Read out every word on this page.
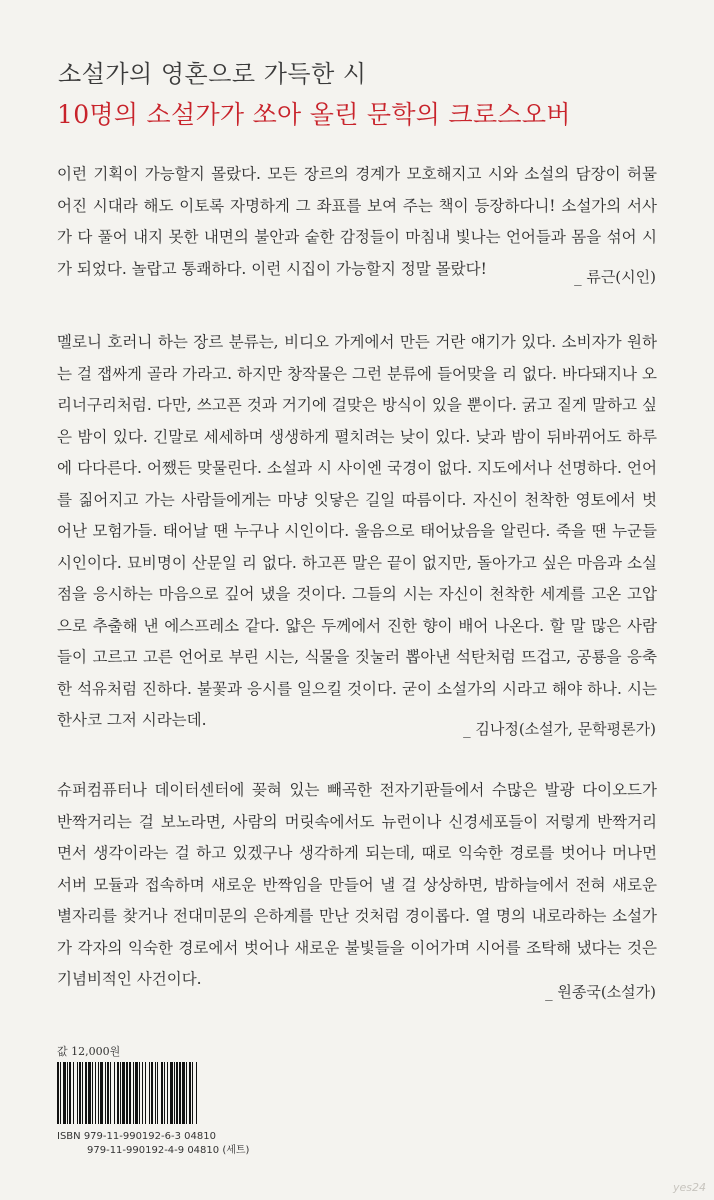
소설가의 영혼으로 가득한 시
10명의 소설가가 쏘아 올린 문학의 크로스오버

이런 기획이 가능할지 몰랐다. 모든 장르의 경계가 모호해지고 시와 소설의 담장이 허물

어진 시대라 해도 이토록 자명하게 그 좌표를 보여 주는 책이 등장하다니! 소설가의 서사

가 다 풀어 내지 못한 내면의 불안과 숱한 감정들이 마침내 빛나는 언어들과 몸을 섞어 시

가 되었다. 놀랍고 통쾌하다. 이런 시집이 가능할지 정말 몰랐다!	_ 류근(시인)

멜로니 호러니 하는 장르 분류는, 비디오 가게에서 만든 거란 얘기가 있다. 소비자가 원하

는 걸 잽싸게 골라 가라고. 하지만 창작물은 그런 분류에 들어맞을 리 없다. 바다돼지나 오

리너구리처럼. 다만, 쓰고픈 것과 거기에 걸맞은 방식이 있을 뿐이다. 굵고 짙게 말하고 싶

은 밤이 있다. 긴말로 세세하며 생생하게 펼치려는 낮이 있다. 낮과 밤이 뒤바뀌어도 하루

에 다다른다. 어쨌든 맞물린다. 소설과 시 사이엔 국경이 없다. 지도에서나 선명하다. 언어

를 짊어지고 가는 사람들에게는 마냥 잇닿은 길일 따름이다. 자신이 천착한 영토에서 벗

어난 모험가들. 태어날 땐 누구나 시인이다. 울음으로 태어났음을 알린다. 죽을 땐 누군들

시인이다. 묘비명이 산문일 리 없다. 하고픈 말은 끝이 없지만, 돌아가고 싶은 마음과 소실

점을 응시하는 마음으로 깊어 냈을 것이다. 그들의 시는 자신이 천착한 세계를 고온 고압

으로 추출해 낸 에스프레소 같다. 얇은 두께에서 진한 향이 배어 나온다. 할 말 많은 사람

들이 고르고 고른 언어로 부린 시는, 식물을 짓눌러 뽑아낸 석탄처럼 뜨겁고, 공룡을 응축

한 석유처럼 진하다. 불꽃과 응시를 일으킬 것이다. 굳이 소설가의 시라고 해야 하나. 시는

한사코 그저 시라는데.	_ 김나정(소설가, 문학평론가)

슈퍼컴퓨터나 데이터센터에 꽂혀 있는 빼곡한 전자기판들에서 수많은 발광 다이오드가

반짝거리는 걸 보노라면, 사람의 머릿속에서도 뉴런이나 신경세포들이 저렇게 반짝거리

면서 생각이라는 걸 하고 있겠구나 생각하게 되는데, 때로 익숙한 경로를 벗어나 머나먼

서버 모듈과 접속하며 새로운 반짝임을 만들어 낼 걸 상상하면, 밤하늘에서 전혀 새로운

별자리를 찾거나 전대미문의 은하계를 만난 것처럼 경이롭다. 열 명의 내로라하는 소설가

가 각자의 익숙한 경로에서 벗어나 새로운 불빛들을 이어가며 시어를 조탁해 냈다는 것은

기념비적인 사건이다.

_ 원종국(소설가)
값 12,000원
ISBN 979-11-990192-6-3 04810
979-11-990192-4-9 04810 (세트)
yes24
